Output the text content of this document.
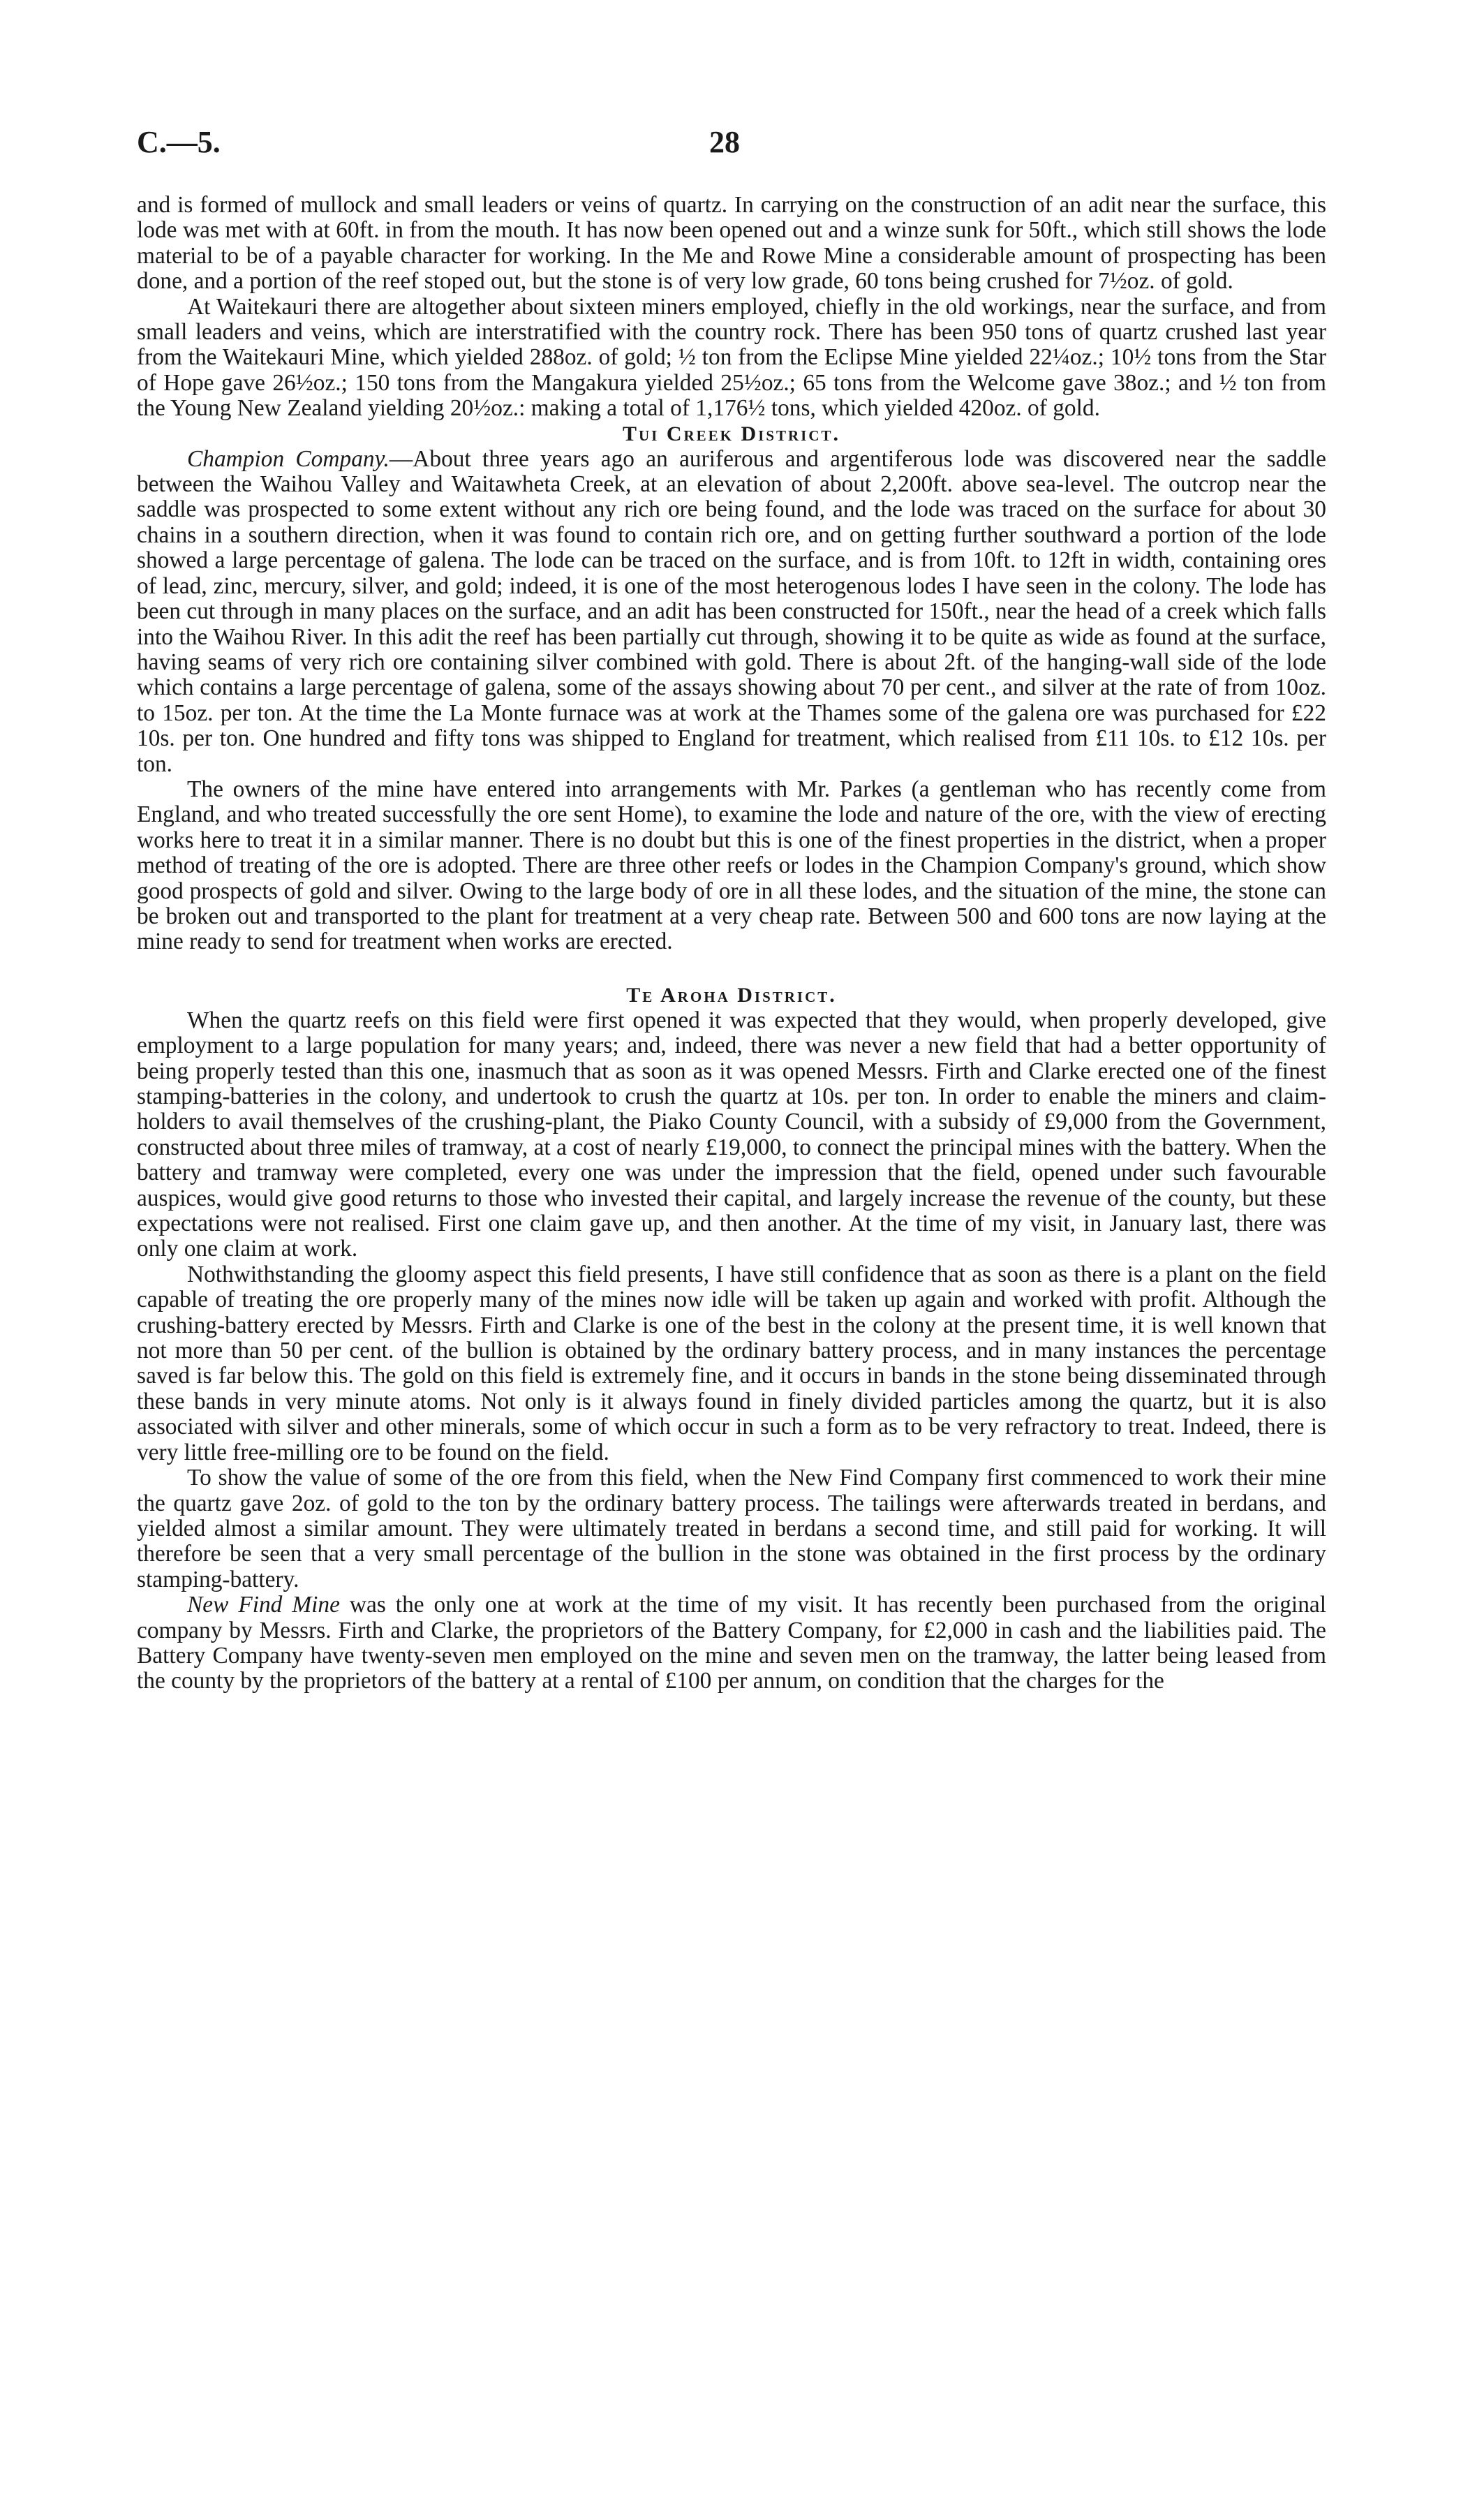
C.—5.	28

and is formed of mullock and small leaders or veins of quartz. In carrying on the construction of an adit near the surface, this lode was met with at 60ft. in from the mouth. It has now been opened out and a winze sunk for 50ft., which still shows the lode material to be of a payable character for working. In the Me and Rowe Mine a considerable amount of prospecting has been done, and a portion of the reef stoped out, but the stone is of very low grade, 60 tons being crushed for 7½oz. of gold.

At Waitekauri there are altogether about sixteen miners employed, chiefly in the old workings, near the surface, and from small leaders and veins, which are interstratified with the country rock. There has been 950 tons of quartz crushed last year from the Waitekauri Mine, which yielded 288oz. of gold; ½ ton from the Eclipse Mine yielded 22¼oz.; 10½ tons from the Star of Hope gave 26½oz.; 150 tons from the Mangakura yielded 25½oz.; 65 tons from the Welcome gave 38oz.; and ½ ton from the Young New Zealand yielding 20½oz.: making a total of 1,176½ tons, which yielded 420oz. of gold.

Tui Creek District.

Champion Company.—About three years ago an auriferous and argentiferous lode was discovered near the saddle between the Waihou Valley and Waitawheta Creek, at an elevation of about 2,200ft. above sea-level. The outcrop near the saddle was prospected to some extent without any rich ore being found, and the lode was traced on the surface for about 30 chains in a southern direction, when it was found to contain rich ore, and on getting further southward a portion of the lode showed a large percentage of galena. The lode can be traced on the surface, and is from 10ft. to 12ft in width, containing ores of lead, zinc, mercury, silver, and gold; indeed, it is one of the most heterogenous lodes I have seen in the colony. The lode has been cut through in many places on the surface, and an adit has been constructed for 150ft., near the head of a creek which falls into the Waihou River. In this adit the reef has been partially cut through, showing it to be quite as wide as found at the surface, having seams of very rich ore containing silver combined with gold. There is about 2ft. of the hanging-wall side of the lode which contains a large percentage of galena, some of the assays showing about 70 per cent., and silver at the rate of from 10oz. to 15oz. per ton. At the time the La Monte furnace was at work at the Thames some of the galena ore was purchased for £22 10s. per ton. One hundred and fifty tons was shipped to England for treatment, which realised from £11 10s. to £12 10s. per ton.

The owners of the mine have entered into arrangements with Mr. Parkes (a gentleman who has recently come from England, and who treated successfully the ore sent Home), to examine the lode and nature of the ore, with the view of erecting works here to treat it in a similar manner. There is no doubt but this is one of the finest properties in the district, when a proper method of treating of the ore is adopted. There are three other reefs or lodes in the Champion Company's ground, which show good prospects of gold and silver. Owing to the large body of ore in all these lodes, and the situation of the mine, the stone can be broken out and transported to the plant for treatment at a very cheap rate. Between 500 and 600 tons are now laying at the mine ready to send for treatment when works are erected.

Te Aroha District.

When the quartz reefs on this field were first opened it was expected that they would, when properly developed, give employment to a large population for many years; and, indeed, there was never a new field that had a better opportunity of being properly tested than this one, inasmuch that as soon as it was opened Messrs. Firth and Clarke erected one of the finest stamping-batteries in the colony, and undertook to crush the quartz at 10s. per ton. In order to enable the miners and claim-holders to avail themselves of the crushing-plant, the Piako County Council, with a subsidy of £9,000 from the Government, constructed about three miles of tramway, at a cost of nearly £19,000, to connect the principal mines with the battery. When the battery and tramway were completed, every one was under the impression that the field, opened under such favourable auspices, would give good returns to those who invested their capital, and largely increase the revenue of the county, but these expectations were not realised. First one claim gave up, and then another. At the time of my visit, in January last, there was only one claim at work.

Nothwithstanding the gloomy aspect this field presents, I have still confidence that as soon as there is a plant on the field capable of treating the ore properly many of the mines now idle will be taken up again and worked with profit. Although the crushing-battery erected by Messrs. Firth and Clarke is one of the best in the colony at the present time, it is well known that not more than 50 per cent. of the bullion is obtained by the ordinary battery process, and in many instances the percentage saved is far below this. The gold on this field is extremely fine, and it occurs in bands in the stone being disseminated through these bands in very minute atoms. Not only is it always found in finely divided particles among the quartz, but it is also associated with silver and other minerals, some of which occur in such a form as to be very refractory to treat. Indeed, there is very little free-milling ore to be found on the field.

To show the value of some of the ore from this field, when the New Find Company first commenced to work their mine the quartz gave 2oz. of gold to the ton by the ordinary battery process. The tailings were afterwards treated in berdans, and yielded almost a similar amount. They were ultimately treated in berdans a second time, and still paid for working. It will therefore be seen that a very small percentage of the bullion in the stone was obtained in the first process by the ordinary stamping-battery.

New Find Mine was the only one at work at the time of my visit. It has recently been purchased from the original company by Messrs. Firth and Clarke, the proprietors of the Battery Company, for £2,000 in cash and the liabilities paid. The Battery Company have twenty-seven men employed on the mine and seven men on the tramway, the latter being leased from the county by the proprietors of the battery at a rental of £100 per annum, on condition that the charges for the
